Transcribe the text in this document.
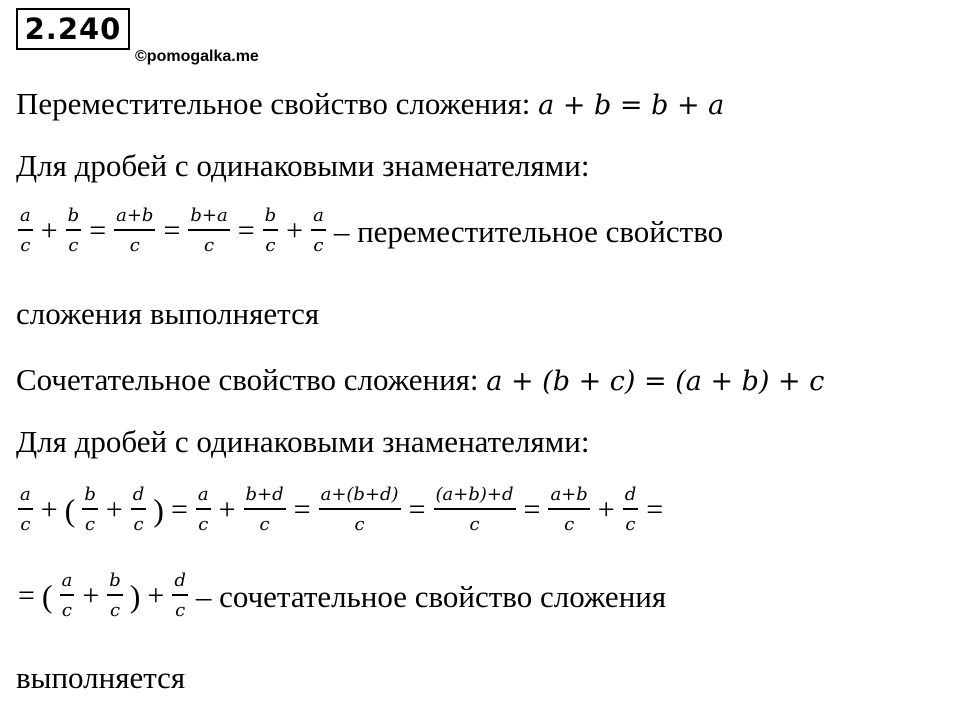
2.240
©pomogalka.me
Переместительное свойство сложения: a + b = b + a
Для дробей с одинаковыми знаменателями:
$\frac{a}{c} + \frac{b}{c} = \frac{a+b}{c} = \frac{b+a}{c} = \frac{b}{c} + \frac{a}{c}$ – переместительное свойство
сложения выполняется
Сочетательное свойство сложения: a + (b + c) = (a + b) + c
Для дробей с одинаковыми знаменателями:
$\frac{a}{c}$ + ( $\frac{b}{c} + \frac{d}{c}$ ) = $\frac{a}{c} + \frac{b+d}{c} = \frac{a+(b+d)}{c} = \frac{(a+b)+d}{c} = \frac{a+b}{c} + \frac{d}{c}$ =
= ( $\frac{a}{c} + \frac{b}{c}$ ) + $\frac{d}{c}$ – сочетательное свойство сложения
выполняется
